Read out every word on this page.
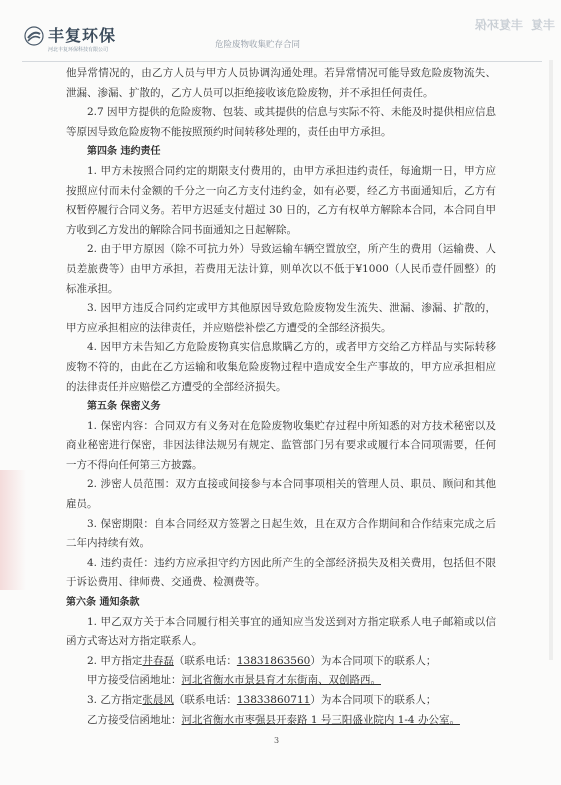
丰复环保
河北丰复环保科技有限公司	危险废物收集贮存合同
丰复丰复环保

他异常情况的，由乙方人员与甲方人员协调沟通处理。若异常情况可能导致危险废物流失、泄漏、渗漏、扩散的，乙方人员可以拒绝接收该危险废物，并不承担任何责任。

2.7 因甲方提供的危险废物、包装、或其提供的信息与实际不符、未能及时提供相应信息等原因导致危险废物不能按照预约时间转移处理的，责任由甲方承担。

第四条 违约责任

1. 甲方未按照合同约定的期限支付费用的，由甲方承担违约责任，每逾期一日，甲方应按照应付而未付金额的千分之一向乙方支付违约金，如有必要，经乙方书面通知后，乙方有权暂停履行合同义务。若甲方迟延支付超过 30 日的，乙方有权单方解除本合同，本合同自甲方收到乙方发出的解除合同书面通知之日起解除。

2. 由于甲方原因（除不可抗力外）导致运输车辆空置放空，所产生的费用（运输费、人员差旅费等）由甲方承担，若费用无法计算，则单次以不低于¥1000（人民币壹仟圆整）的标准承担。

3. 因甲方违反合同约定或甲方其他原因导致危险废物发生流失、泄漏、渗漏、扩散的，甲方应承担相应的法律责任，并应赔偿补偿乙方遭受的全部经济损失。

4. 因甲方未告知乙方危险废物真实信息欺瞒乙方的，或者甲方交给乙方样品与实际转移废物不符的，由此在乙方运输和收集危险废物过程中造成安全生产事故的，甲方应承担相应的法律责任并应赔偿乙方遭受的全部经济损失。

第五条 保密义务

1. 保密内容：合同双方有义务对在危险废物收集贮存过程中所知悉的对方技术秘密以及商业秘密进行保密，非因法律法规另有规定、监管部门另有要求或履行本合同项需要，任何一方不得向任何第三方披露。

2. 涉密人员范围：双方直接或间接参与本合同事项相关的管理人员、职员、顾问和其他雇员。

3. 保密期限：自本合同经双方签署之日起生效，且在双方合作期间和合作结束完成之后二年内持续有效。

4. 违约责任：违约方应承担守约方因此所产生的全部经济损失及相关费用，包括但不限于诉讼费用、律师费、交通费、检测费等。

第六条 通知条款

1. 甲乙双方关于本合同履行相关事宜的通知应当发送到对方指定联系人电子邮箱或以信函方式寄达对方指定联系人。

2. 甲方指定井春磊（联系电话：13831863560）为本合同项下的联系人；

甲方接受信函地址：河北省衡水市景县育才东街南、双创路西。

3. 乙方指定张晨风（联系电话：13833860711）为本合同项下的联系人；

乙方接受信函地址：河北省衡水市枣强县开泰路 1 号三阳盛业院内 1-4 办公室。

3
